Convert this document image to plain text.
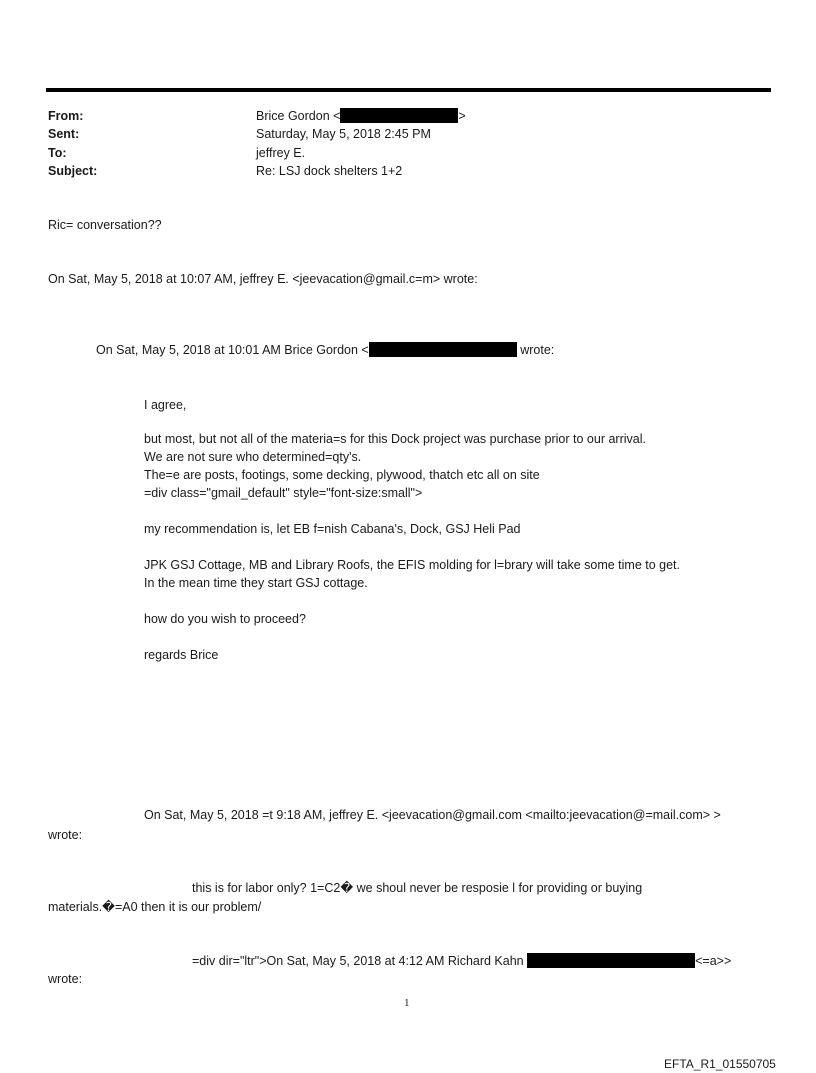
From:	Brice Gordon <	>
Sent:	Saturday, May 5, 2018 2:45 PM
To:	jeffrey E.
Subject:	Re: LSJ dock shelters 1+2
Ric= conversation??
On Sat, May 5, 2018 at 10:07 AM, jeffrey E. <jeevacation@gmail.c=m> wrote:
On Sat, May 5, 2018 at 10:01 AM Brice Gordon <	wrote:
I agree,
but most, but not all of the materia=s for this Dock project was purchase prior to our arrival.
We are not sure who determined=qty's.
The=e are posts, footings, some decking, plywood, thatch etc all on site
=div class="gmail_default" style="font-size:small">
my recommendation is, let EB f=nish Cabana's, Dock, GSJ Heli Pad
JPK GSJ Cottage, MB and Library Roofs, the EFIS molding for l=brary will take some time to get.
In the mean time they start GSJ cottage.
how do you wish to proceed?
regards Brice
On Sat, May 5, 2018 =t 9:18 AM, jeffrey E. <jeevacation@gmail.com <mailto:jeevacation@=mail.com> >
wrote:
this is for labor only? 1=C2� we shoul never be resposie l for providing or buying
materials.�=A0 then it is our problem/
=div dir="ltr">On Sat, May 5, 2018 at 4:12 AM Richard Kahn	<=a>>
wrote:
1
EFTA_R1_01550705
